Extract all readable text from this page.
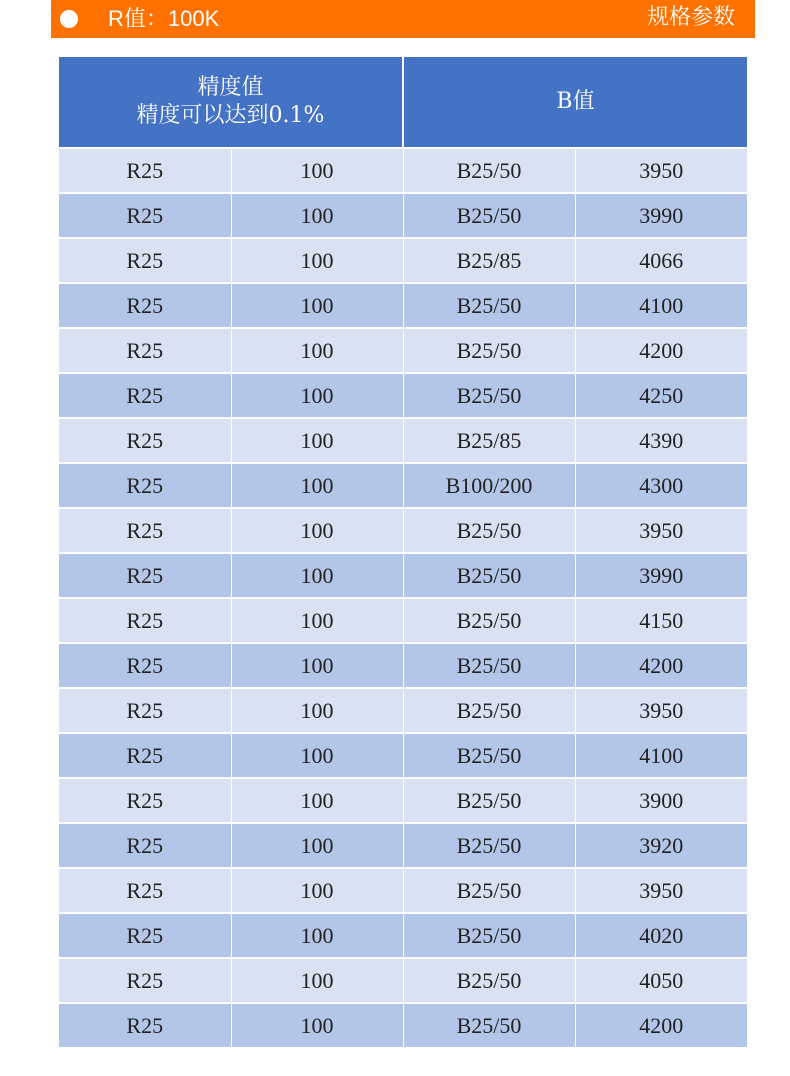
R值：100K	规格参数
精度值
精度可以达到0.1%		B值	
R25	100	B25/50	3950
R25	100	B25/50	3990
R25	100	B25/85	4066
R25	100	B25/50	4100
R25	100	B25/50	4200
R25	100	B25/50	4250
R25	100	B25/85	4390
R25	100	B100/200	4300
R25	100	B25/50	3950
R25	100	B25/50	3990
R25	100	B25/50	4150
R25	100	B25/50	4200
R25	100	B25/50	3950
R25	100	B25/50	4100
R25	100	B25/50	3900
R25	100	B25/50	3920
R25	100	B25/50	3950
R25	100	B25/50	4020
R25	100	B25/50	4050
R25	100	B25/50	4200
